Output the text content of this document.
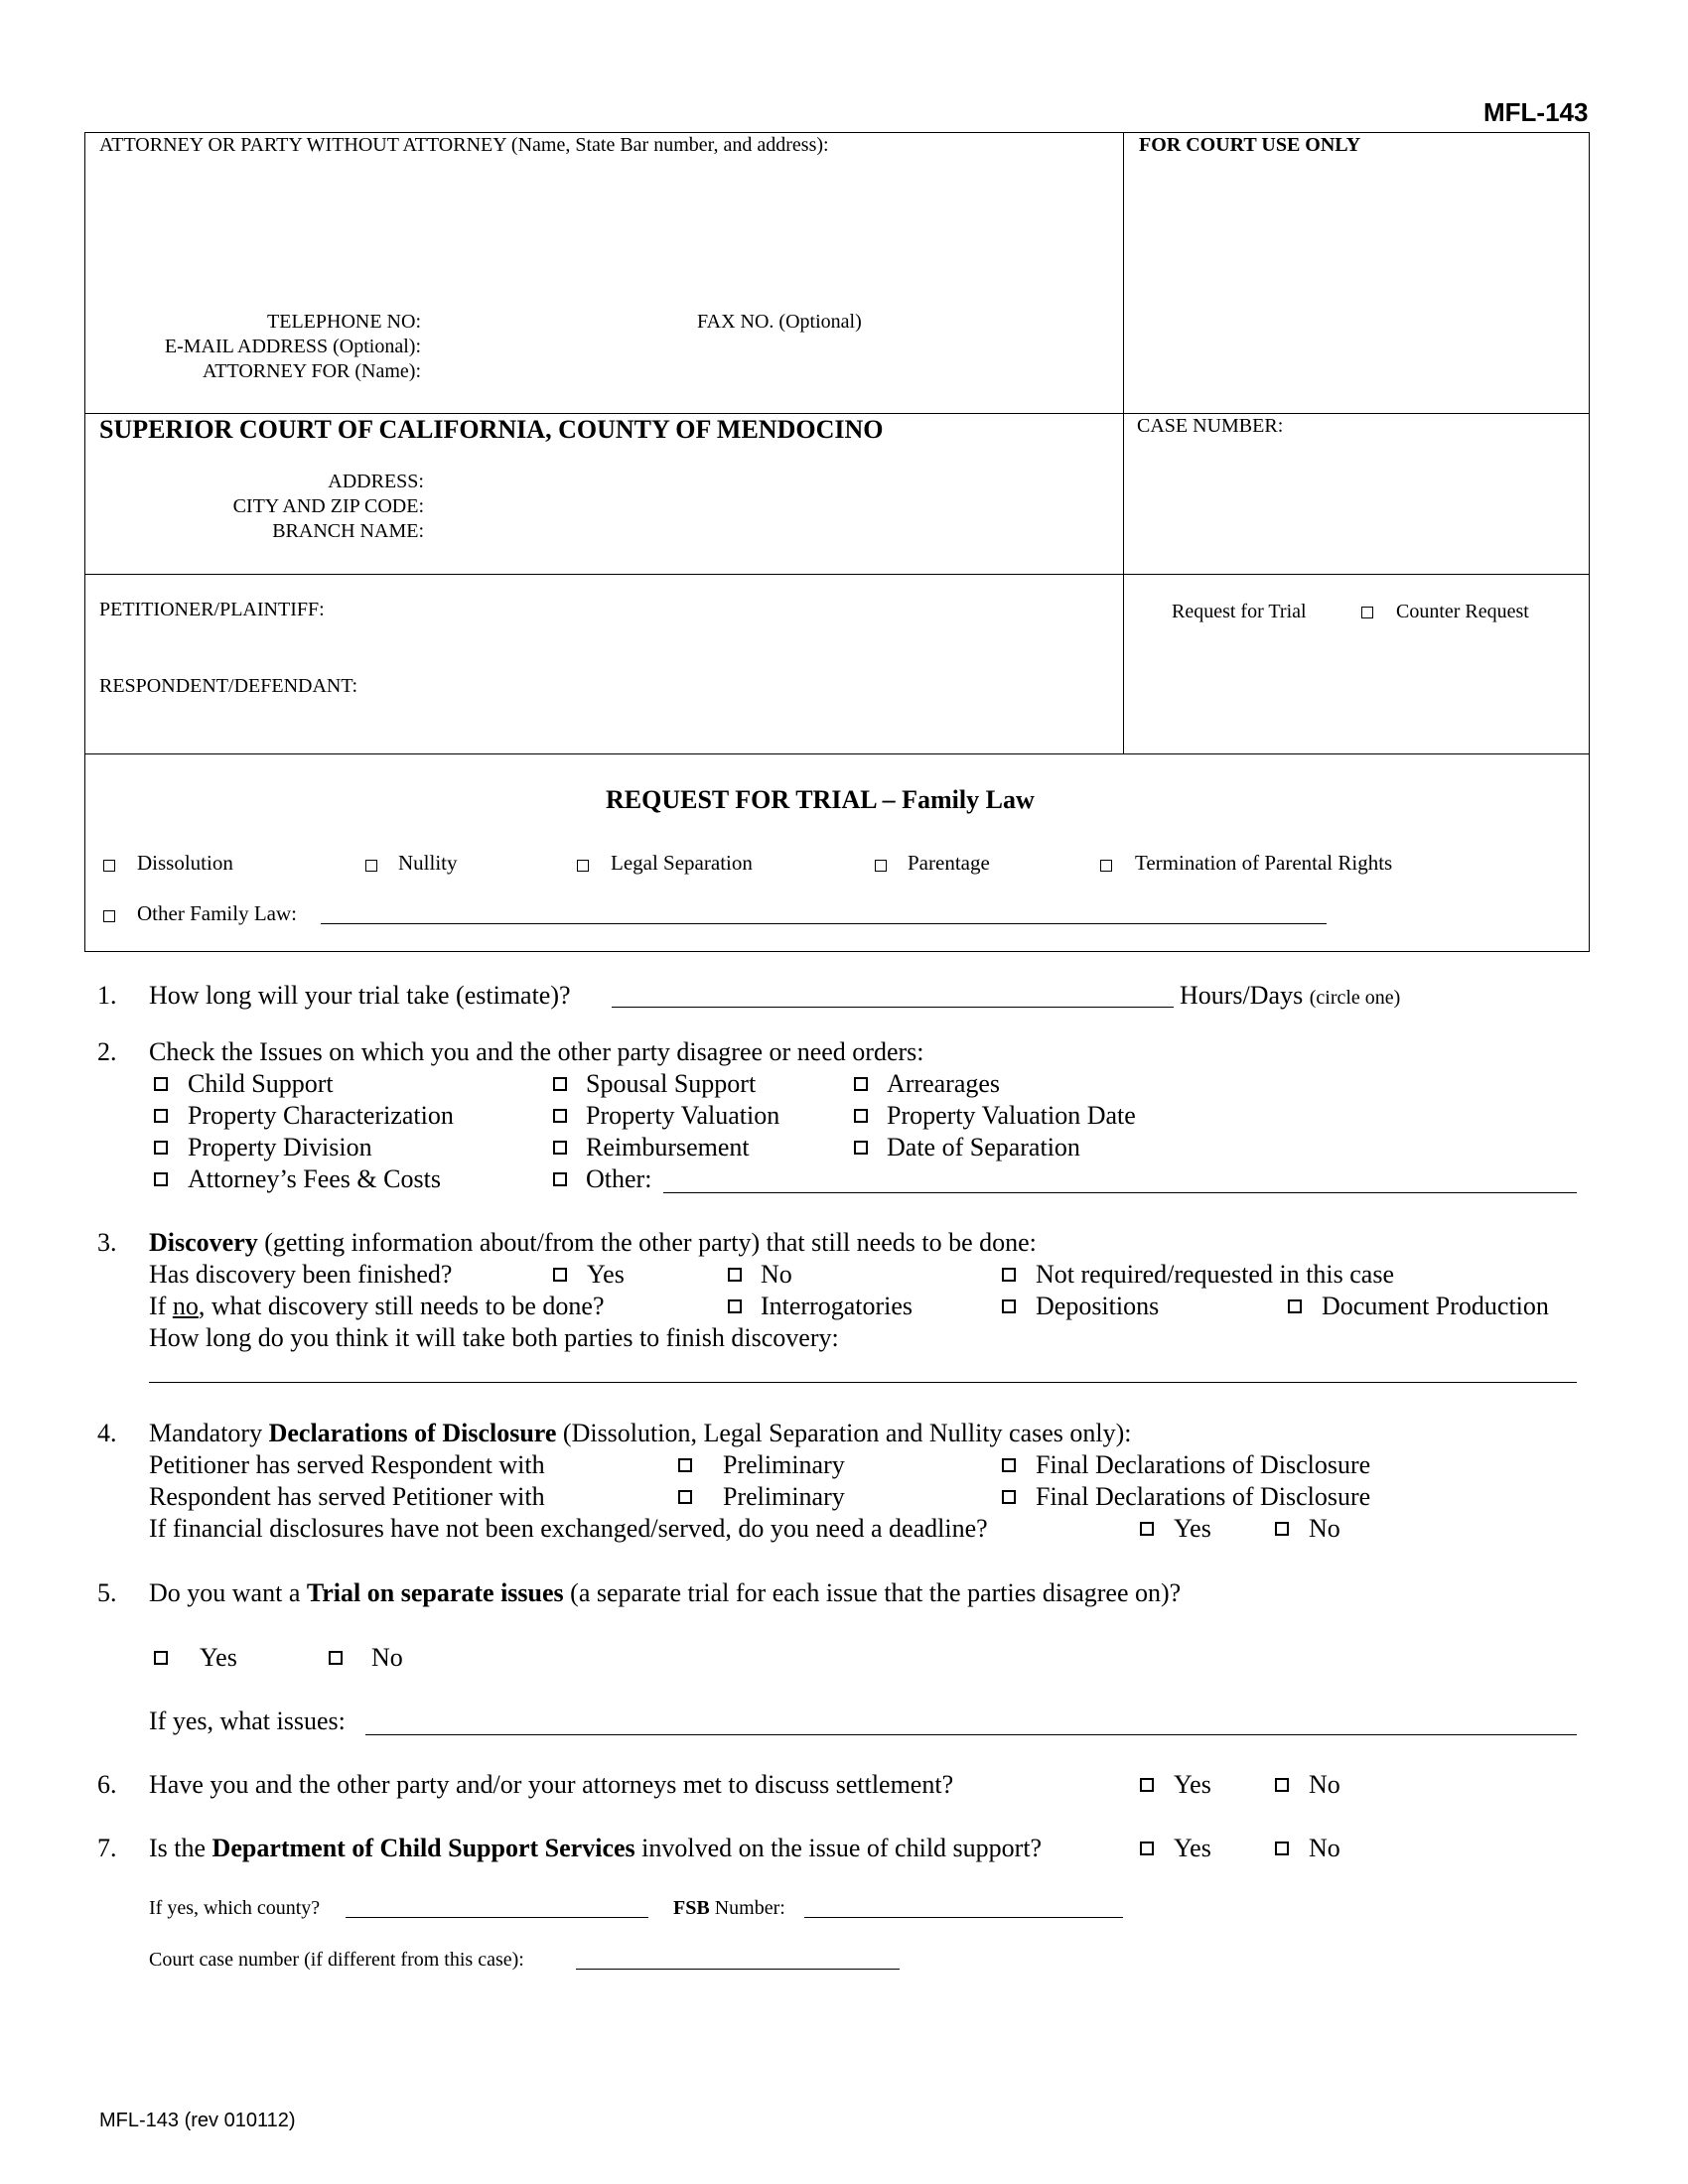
MFL-143
ATTORNEY OR PARTY WITHOUT ATTORNEY (Name, State Bar number, and address):	FOR COURT USE ONLY
TELEPHONE NO:	FAX NO. (Optional)
E-MAIL ADDRESS (Optional):
ATTORNEY FOR (Name):
SUPERIOR COURT OF CALIFORNIA, COUNTY OF MENDOCINO	CASE NUMBER:
ADDRESS:
CITY AND ZIP CODE:
BRANCH NAME:
PETITIONER/PLAINTIFF:
RESPONDENT/DEFENDANT:
Request for Trial	Counter Request
REQUEST FOR TRIAL – Family Law
Dissolution	Nullity	Legal Separation	Parentage	Termination of Parental Rights
Other Family Law:
1. How long will your trial take (estimate)?	Hours/Days (circle one)
2. Check the Issues on which you and the other party disagree or need orders:
Child Support	Spousal Support	Arrearages
Property Characterization	Property Valuation	Property Valuation Date
Property Division	Reimbursement	Date of Separation
Attorney’s Fees & Costs	Other:
3. Discovery (getting information about/from the other party) that still needs to be done:
Has discovery been finished?	Yes	No	Not required/requested in this case
If no, what discovery still needs to be done?	Interrogatories	Depositions	Document Production
How long do you think it will take both parties to finish discovery:
4. Mandatory Declarations of Disclosure (Dissolution, Legal Separation and Nullity cases only):
Petitioner has served Respondent with	Preliminary	Final Declarations of Disclosure
Respondent has served Petitioner with	Preliminary	Final Declarations of Disclosure
If financial disclosures have not been exchanged/served, do you need a deadline?	Yes	No
5. Do you want a Trial on separate issues (a separate trial for each issue that the parties disagree on)?
Yes	No
If yes, what issues:
6. Have you and the other party and/or your attorneys met to discuss settlement?	Yes	No
7. Is the Department of Child Support Services involved on the issue of child support?	Yes	No
If yes, which county?	FSB Number:
Court case number (if different from this case):
MFL-143 (rev 010112)
